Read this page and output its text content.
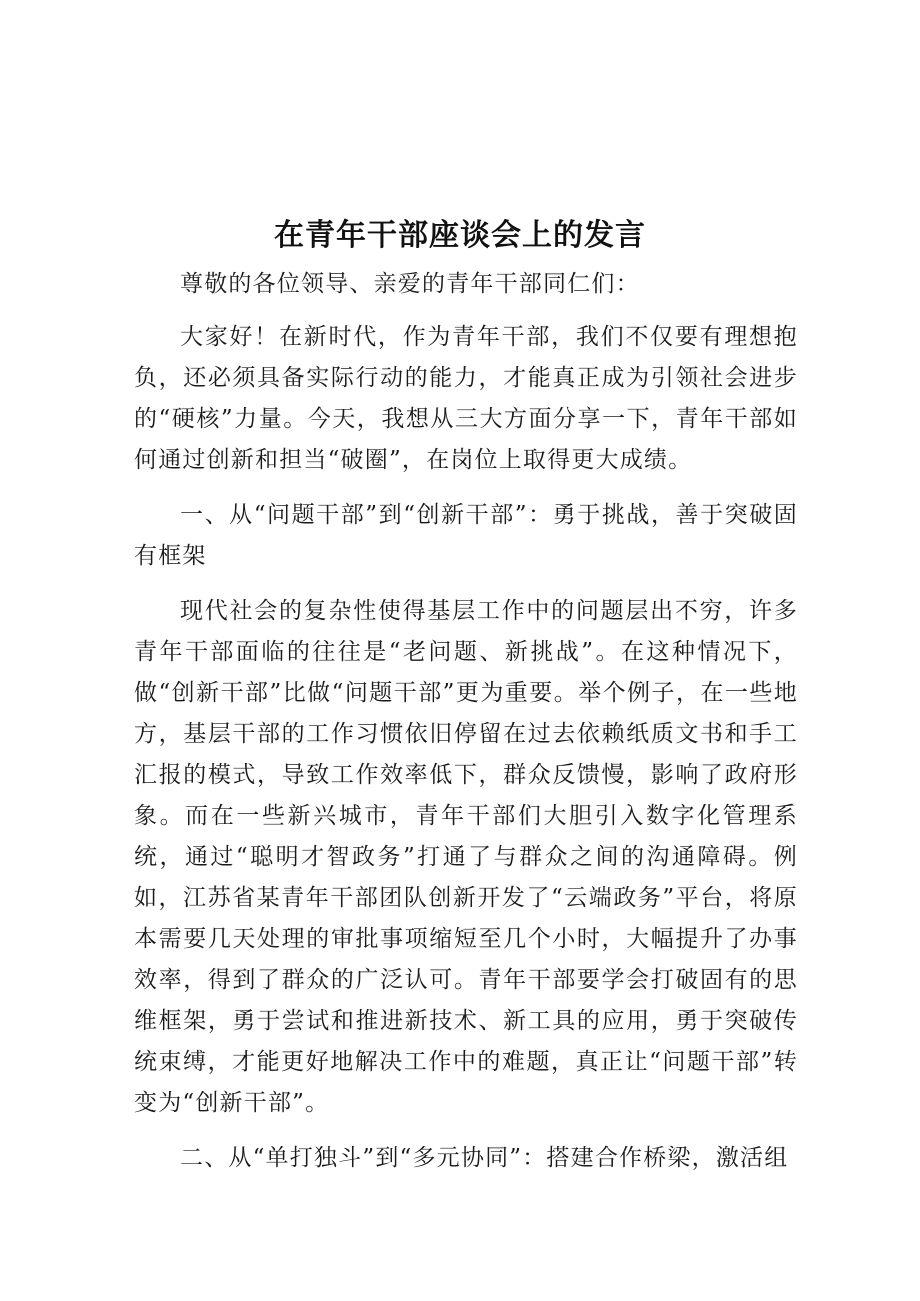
在青年干部座谈会上的发言

尊敬的各位领导、亲爱的青年干部同仁们：

大家好！在新时代，作为青年干部，我们不仅要有理想抱负，还必须具备实际行动的能力，才能真正成为引领社会进步的“硬核”力量。今天，我想从三大方面分享一下，青年干部如何通过创新和担当“破圈”，在岗位上取得更大成绩。

一、从“问题干部”到“创新干部”：勇于挑战，善于突破固有框架

现代社会的复杂性使得基层工作中的问题层出不穷，许多青年干部面临的往往是“老问题、新挑战”。在这种情况下，做“创新干部”比做“问题干部”更为重要。举个例子，在一些地方，基层干部的工作习惯依旧停留在过去依赖纸质文书和手工汇报的模式，导致工作效率低下，群众反馈慢，影响了政府形象。而在一些新兴城市，青年干部们大胆引入数字化管理系统，通过“聪明才智政务”打通了与群众之间的沟通障碍。例如，江苏省某青年干部团队创新开发了“云端政务”平台，将原本需要几天处理的审批事项缩短至几个小时，大幅提升了办事效率，得到了群众的广泛认可。青年干部要学会打破固有的思维框架，勇于尝试和推进新技术、新工具的应用，勇于突破传统束缚，才能更好地解决工作中的难题，真正让“问题干部”转变为“创新干部”。

二、从“单打独斗”到“多元协同”：搭建合作桥梁，激活组
